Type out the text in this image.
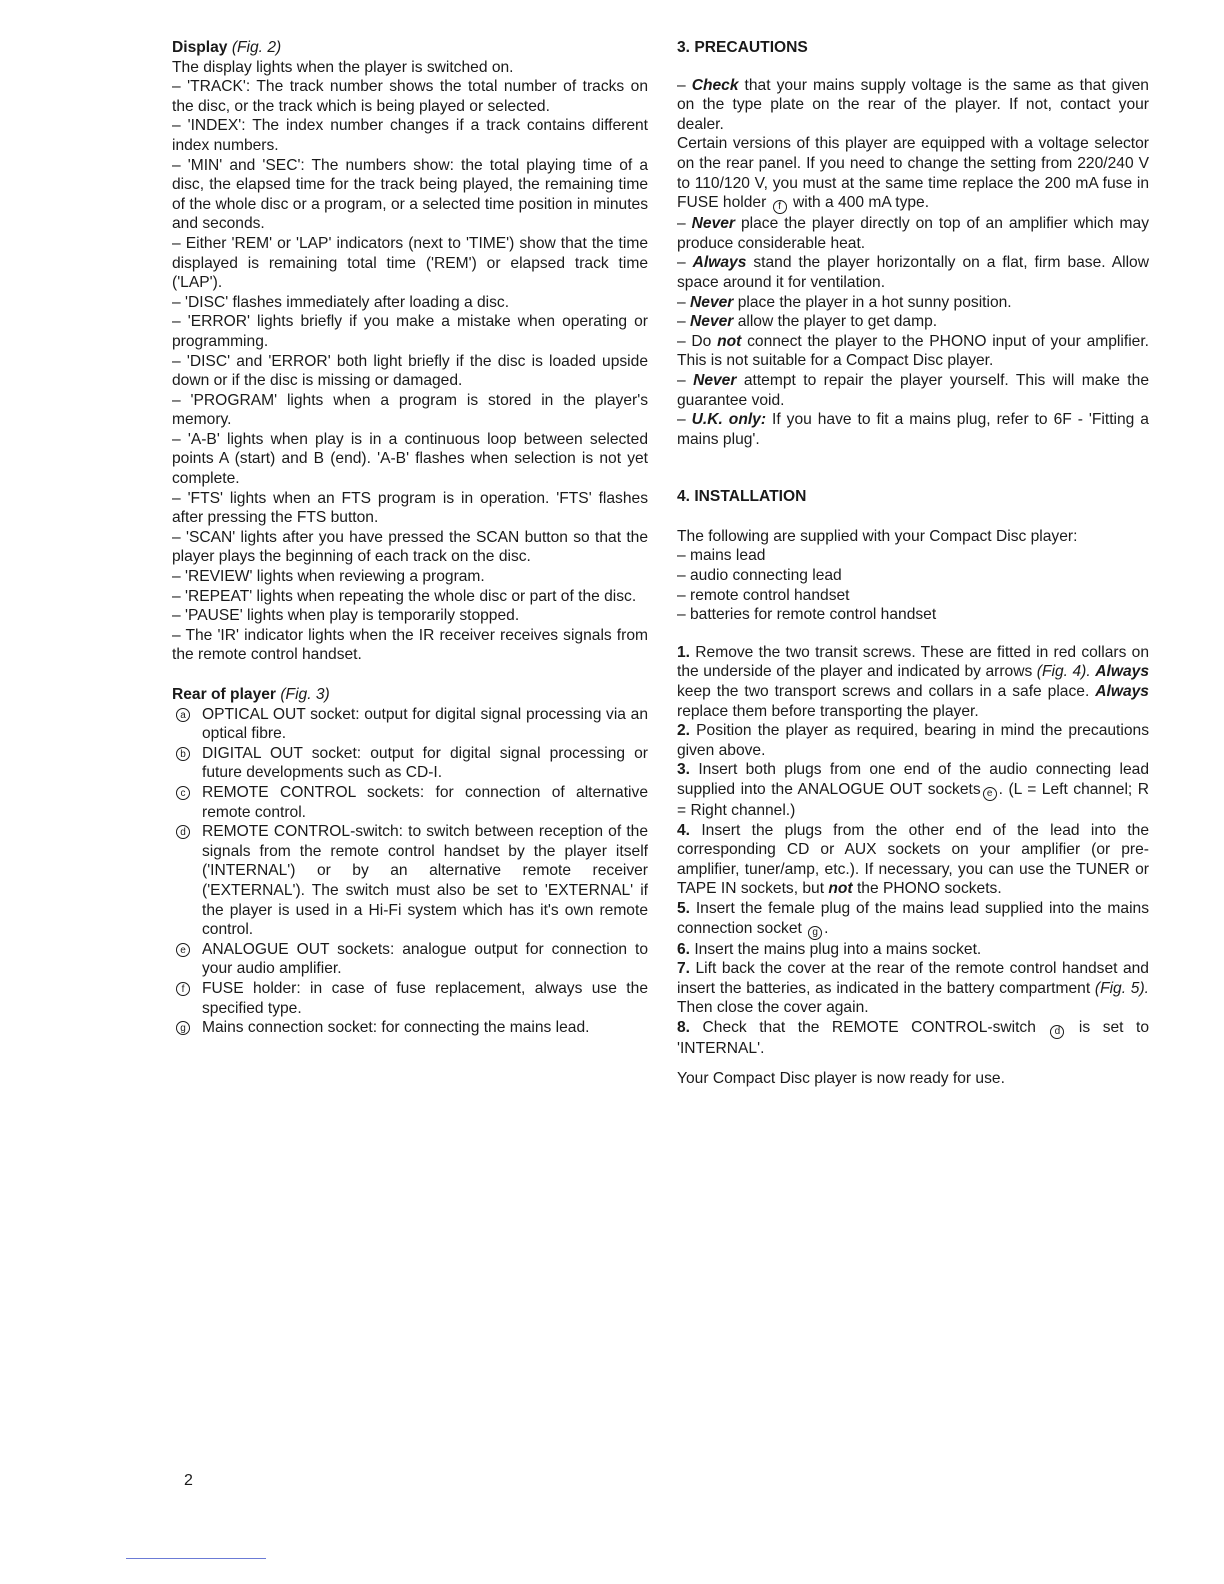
Display (Fig. 2)

The display lights when the player is switched on.

– 'TRACK': The track number shows the total number of tracks on the disc, or the track which is being played or selected.

– 'INDEX': The index number changes if a track contains different index numbers.

– 'MIN' and 'SEC': The numbers show: the total playing time of a disc, the elapsed time for the track being played, the remaining time of the whole disc or a program, or a selected time position in minutes and seconds.

– Either 'REM' or 'LAP' indicators (next to 'TIME') show that the time displayed is remaining total time ('REM') or elapsed track time ('LAP').

– 'DISC' flashes immediately after loading a disc.

– 'ERROR' lights briefly if you make a mistake when operating or programming.

– 'DISC' and 'ERROR' both light briefly if the disc is loaded upside down or if the disc is missing or damaged.

– 'PROGRAM' lights when a program is stored in the player's memory.

– 'A-B' lights when play is in a continuous loop between selected points A (start) and B (end). 'A-B' flashes when selection is not yet complete.

– 'FTS' lights when an FTS program is in operation. 'FTS' flashes after pressing the FTS button.

– 'SCAN' lights after you have pressed the SCAN button so that the player plays the beginning of each track on the disc.

– 'REVIEW' lights when reviewing a program.

– 'REPEAT' lights when repeating the whole disc or part of the disc.

– 'PAUSE' lights when play is temporarily stopped.

– The 'IR' indicator lights when the IR receiver receives signals from the remote control handset.

Rear of player (Fig. 3)

a OPTICAL OUT socket: output for digital signal processing via an optical fibre.
b DIGITAL OUT socket: output for digital signal processing or future developments such as CD-I.
c REMOTE CONTROL sockets: for connection of alternative remote control.
d REMOTE CONTROL-switch: to switch between reception of the signals from the remote control handset by the player itself ('INTERNAL') or by an alternative remote receiver ('EXTERNAL'). The switch must also be set to 'EXTERNAL' if the player is used in a Hi-Fi system which has it's own remote control.
e ANALOGUE OUT sockets: analogue output for connection to your audio amplifier.
f	FUSE holder: in case of fuse replacement, always use the specified type.
g Mains connection socket: for connecting the mains lead.

3. PRECAUTIONS

– Check that your mains supply voltage is the same as that given on the type plate on the rear of the player. If not, contact your dealer.

Certain versions of this player are equipped with a voltage selector on the rear panel. If you need to change the setting from 220/240 V to 110/120 V, you must at the same time replace the 200 mA fuse in FUSE holder f with a 400 mA type.

– Never place the player directly on top of an amplifier which may produce considerable heat.

– Always stand the player horizontally on a flat, firm base. Allow space around it for ventilation.

– Never place the player in a hot sunny position.

– Never allow the player to get damp.

– Do not connect the player to the PHONO input of your amplifier. This is not suitable for a Compact Disc player.

– Never attempt to repair the player yourself. This will make the guarantee void.

– U.K. only: If you have to fit a mains plug, refer to 6F - 'Fitting a mains plug'.

4. INSTALLATION

The following are supplied with your Compact Disc player:

– mains lead

– audio connecting lead

– remote control handset

– batteries for remote control handset

1. Remove the two transit screws. These are fitted in red collars on the underside of the player and indicated by arrows (Fig. 4). Always keep the two transport screws and collars in a safe place. Always replace them before transporting the player.

2. Position the player as required, bearing in mind the precautions given above.

3. Insert both plugs from one end of the audio connecting lead supplied into the ANALOGUE OUT sockets e . (L = Left channel; R = Right channel.)

4. Insert the plugs from the other end of the lead into the corresponding CD or AUX sockets on your amplifier (or pre-amplifier, tuner/amp, etc.). If necessary, you can use the TUNER or TAPE IN sockets, but not the PHONO sockets.

5. Insert the female plug of the mains lead supplied into the mains connection socket g .

6. Insert the mains plug into a mains socket.

7. Lift back the cover at the rear of the remote control handset and insert the batteries, as indicated in the battery compartment (Fig. 5). Then close the cover again.

8. Check that the REMOTE CONTROL-switch d is set to 'INTERNAL'.

Your Compact Disc player is now ready for use.

2
